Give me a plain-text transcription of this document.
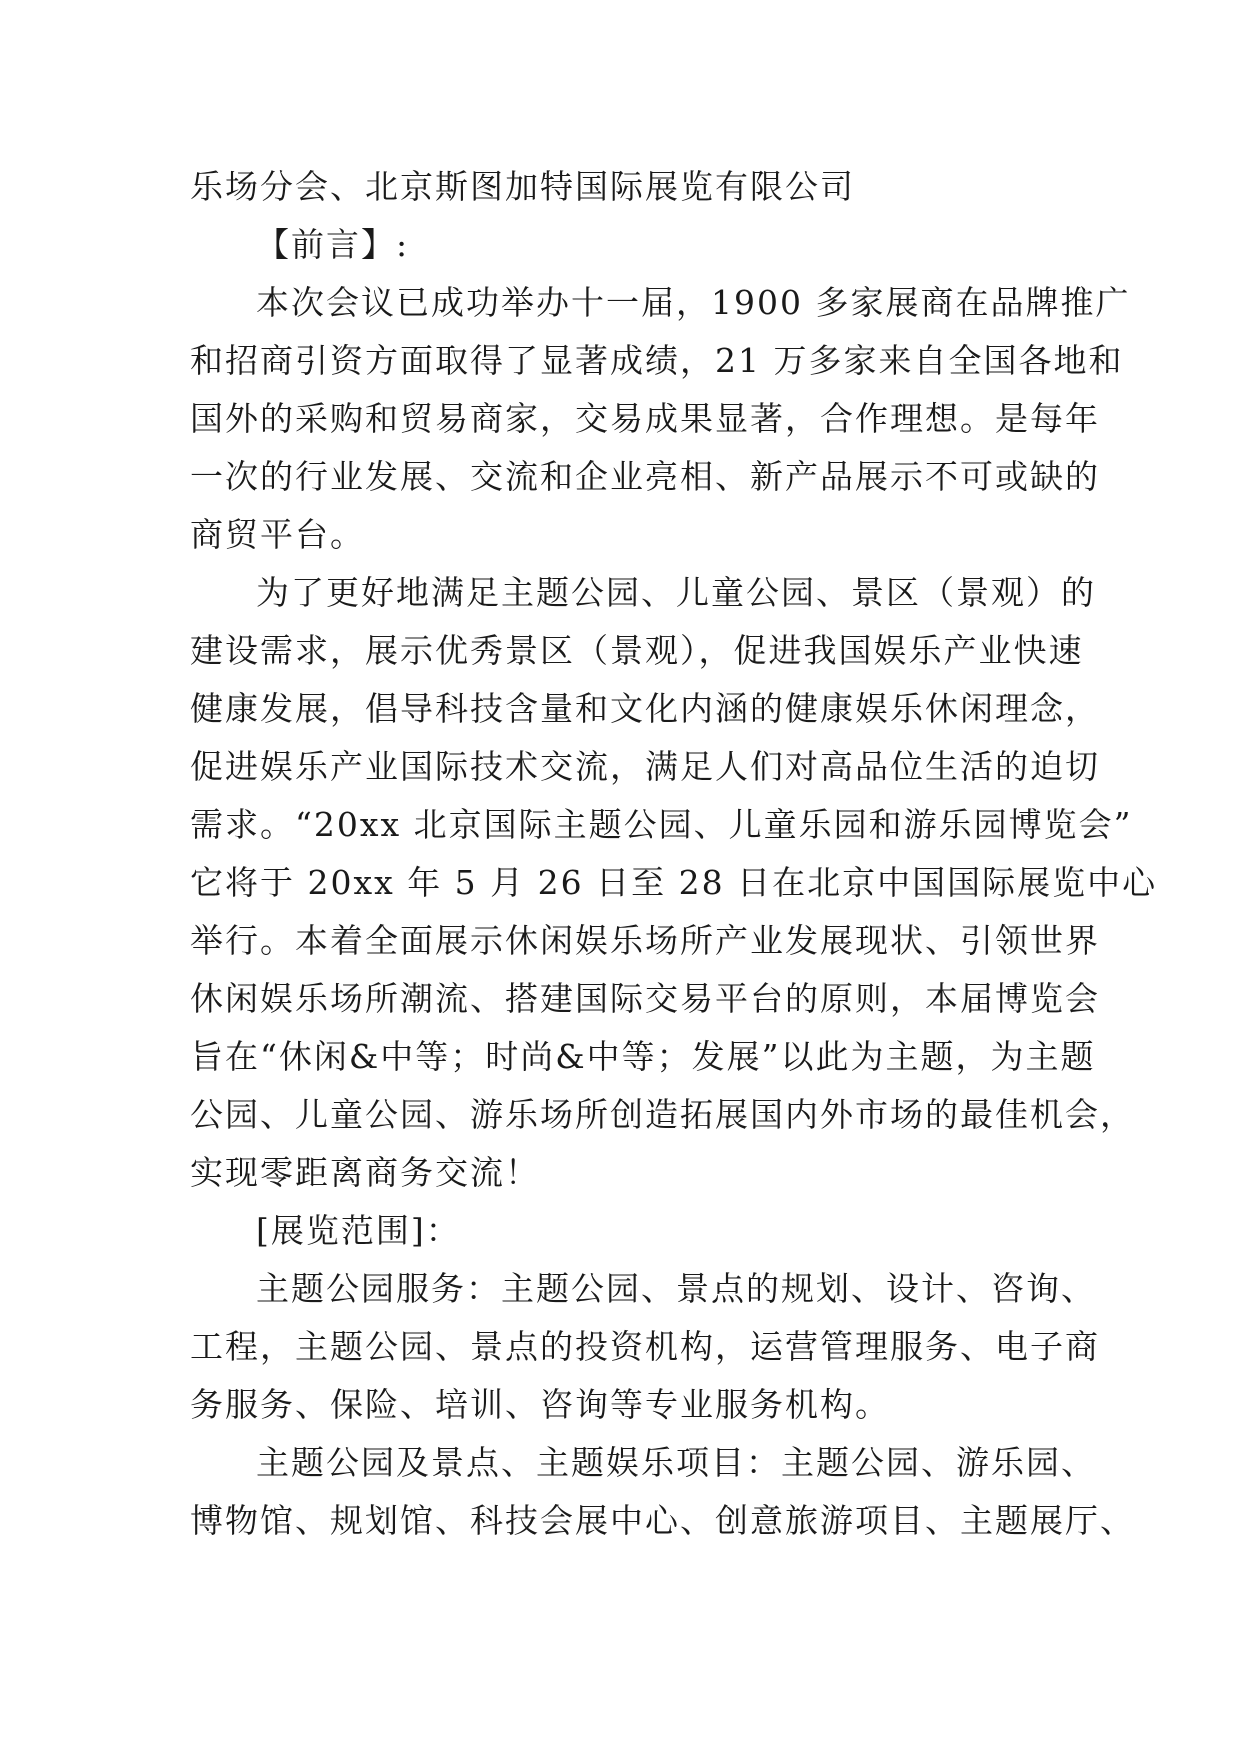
乐场分会、北京斯图加特国际展览有限公司
【前言】:
本次会议已成功举办十一届，1900 多家展商在品牌推广
和招商引资方面取得了显著成绩，21 万多家来自全国各地和
国外的采购和贸易商家，交易成果显著，合作理想。是每年
一次的行业发展、交流和企业亮相、新产品展示不可或缺的
商贸平台。
为了更好地满足主题公园、儿童公园、景区（景观）的
建设需求，展示优秀景区（景观），促进我国娱乐产业快速
健康发展，倡导科技含量和文化内涵的健康娱乐休闲理念，
促进娱乐产业国际技术交流，满足人们对高品位生活的迫切
需求。“20xx 北京国际主题公园、儿童乐园和游乐园博览会”
它将于 20xx 年 5 月 26 日至 28 日在北京中国国际展览中心
举行。本着全面展示休闲娱乐场所产业发展现状、引领世界
休闲娱乐场所潮流、搭建国际交易平台的原则，本届博览会
旨在“休闲&中等；时尚&中等；发展”以此为主题，为主题
公园、儿童公园、游乐场所创造拓展国内外市场的最佳机会，
实现零距离商务交流！
[展览范围]：
主题公园服务：主题公园、景点的规划、设计、咨询、
工程，主题公园、景点的投资机构，运营管理服务、电子商
务服务、保险、培训、咨询等专业服务机构。
主题公园及景点、主题娱乐项目：主题公园、游乐园、
博物馆、规划馆、科技会展中心、创意旅游项目、主题展厅、
